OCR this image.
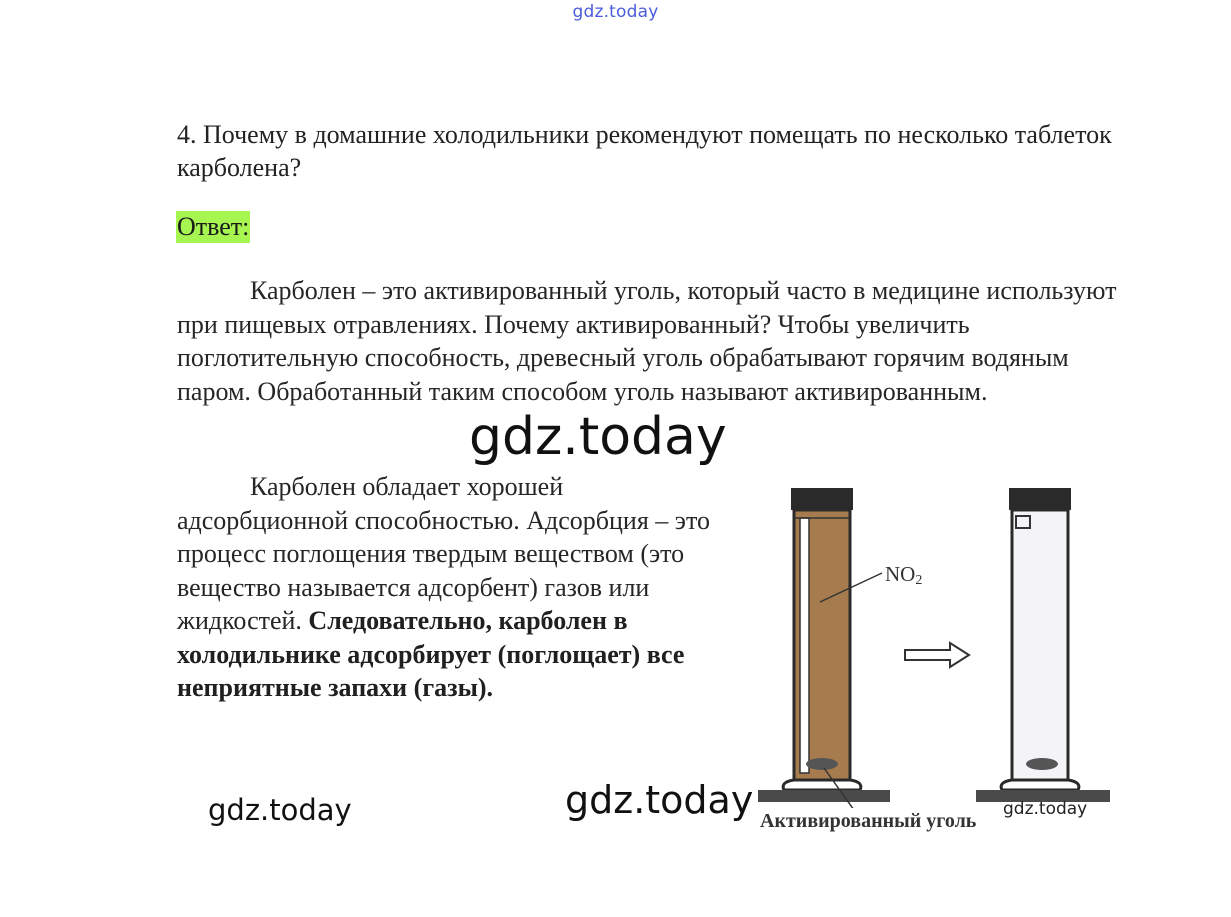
gdz.today
4. Почему в домашние холодильники рекомендуют помещать по несколько таблеток карболена?
Ответ:
Карболен – это активированный уголь, который часто в медицине используют при пищевых отравлениях. Почему активированный? Чтобы увеличить поглотительную способность, древесный уголь обрабатывают горячим водяным паром. Обработанный таким способом уголь называют активированным.
Карболен обладает хорошей адсорбционной способностью. Адсорбция – это процесс поглощения твердым веществом (это вещество называется адсорбент) газов или жидкостей. Следовательно, карболен в холодильнике адсорбирует (поглощает) все неприятные запахи (газы).
$NO_2$
Активированный уголь
gdz.today
gdz.today
gdz.today	gdz.today
